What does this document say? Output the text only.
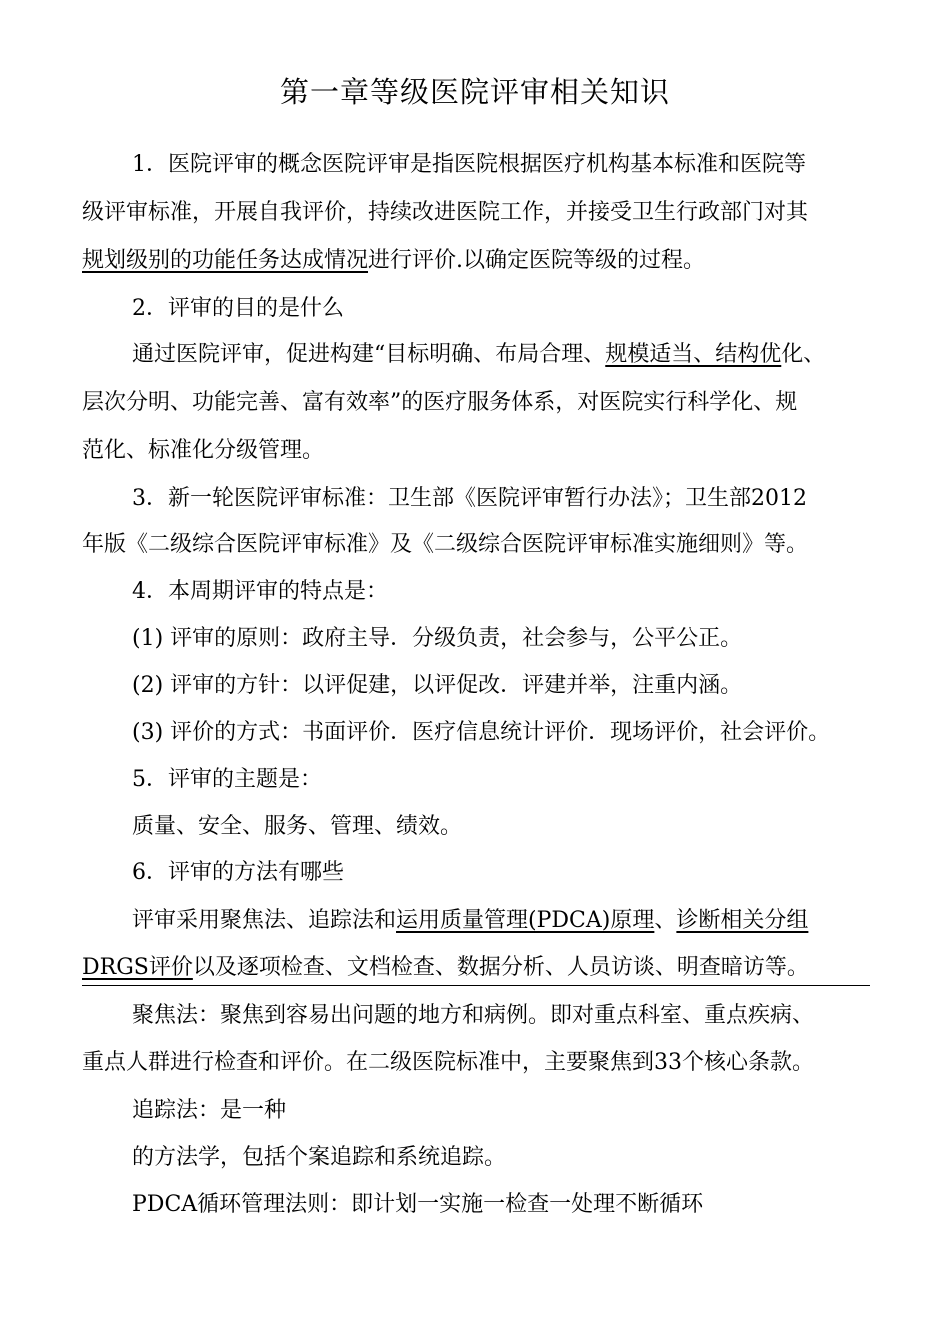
第一章等级医院评审相关知识
1．医院评审的概念医院评审是指医院根据医疗机构基本标准和医院等
级评审标准，开展自我评价，持续改进医院工作，并接受卫生行政部门对其
规划级别的功能任务达成情况进行评价.以确定医院等级的过程。
2．评审的目的是什么
通过医院评审，促进构建“目标明确、布局合理、规模适当、结构优化、
层次分明、功能完善、富有效率”的医疗服务体系，对医院实行科学化、规
范化、标准化分级管理。
3．新一轮医院评审标准：卫生部《医院评审暂行办法》；卫生部2012
年版《二级综合医院评审标准》及《二级综合医院评审标准实施细则》等。
4．本周期评审的特点是：
(1) 评审的原则：政府主导．分级负责，社会参与，公平公正。
(2) 评审的方针：以评促建，以评促改．评建并举，注重内涵。
(3) 评价的方式：书面评价．医疗信息统计评价．现场评价，社会评价。
5．评审的主题是：
质量、安全、服务、管理、绩效。
6．评审的方法有哪些
评审采用聚焦法、追踪法和运用质量管理(PDCA)原理、诊断相关分组
DRGS评价以及逐项检查、文档检查、数据分析、人员访谈、明查暗访等。
聚焦法：聚焦到容易出问题的地方和病例。即对重点科室、重点疾病、
重点人群进行检查和评价。在二级医院标准中，主要聚焦到33个核心条款。
追踪法：是一种
的方法学，包括个案追踪和系统追踪。
PDCA循环管理法则：即计划一实施一检查一处理不断循环
